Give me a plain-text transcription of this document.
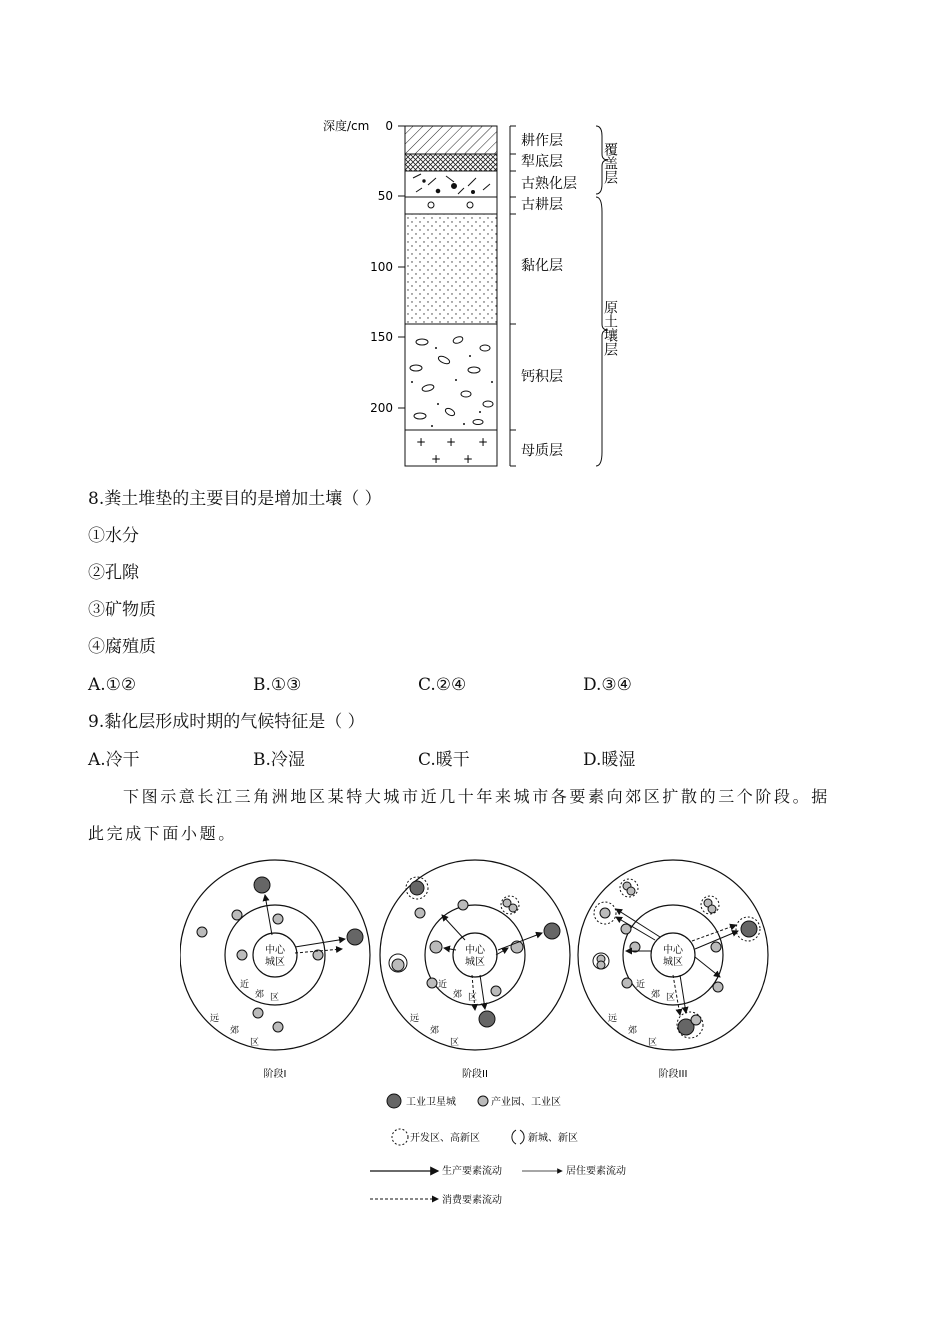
深度/cm 0
50
100
150
200
+ + +
+ +
耕作层
犁底层
古熟化层
古耕层
黏化层
钙积层
母质层
覆盖层
原土壤层
8.粪土堆垫的主要目的是增加土壤（ ）
①水分
②孔隙
③矿物质
④腐殖质
A.①②	B.①③	C.②④	D.③④
9.黏化层形成时期的气候特征是（ ）
A.冷干	B.冷湿	C.暖干	D.暖湿
下图示意长江三角洲地区某特大城市近几十年来城市各要素向郊区扩散的三个阶段。据
此完成下面小题。
中心
城区
近
郊 区
远
郊
区
阶段I
中心
城区
近
郊 区
远
郊
区
阶段II
中心
城区
近
郊 区
远
郊
区
阶段III
工业卫星城	产业园、工业区
开发区、高新区	新城、新区
生产要素流动	居住要素流动
消费要素流动
